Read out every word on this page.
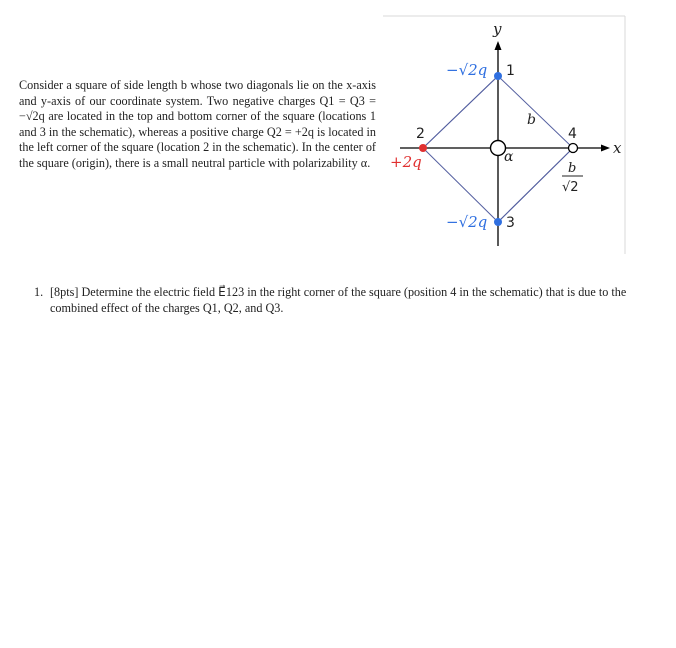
Consider a square of side length b whose two diagonals lie on the x-axis and y-axis of our coordinate system. Two negative charges Q1 = Q3 = −√2q are located in the top and bottom corner of the square (locations 1 and 3 in the schematic), whereas a positive charge Q2 = +2q is located in the left corner of the square (location 2 in the schematic). In the center of the square (origin), there is a small neutral particle with polarizability α.
y
x
1
2
3
4
−√2q
+2q
−√2q
b
α
b
√2
1. [8pts] Determine the electric field E⃗123 in the right corner of the square (position 4 in the schematic) that is due to the combined effect of the charges Q1, Q2, and Q3.
